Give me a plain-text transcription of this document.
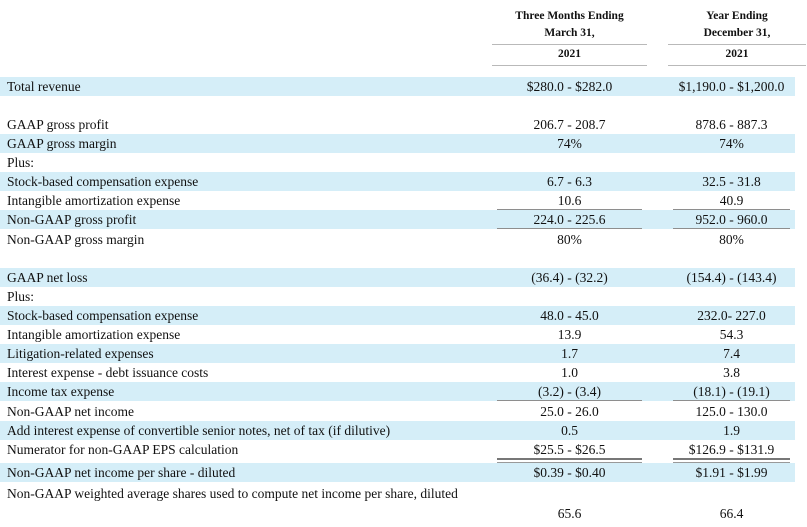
Three Months Ending
March 31,
2021
Year Ending
December 31,
2021
Total revenue	$280.0 - $282.0	$1,190.0 - $1,200.0
GAAP gross profit	206.7 - 208.7	878.6 - 887.3
GAAP gross margin	74%	74%
Plus:
Stock-based compensation expense	6.7 - 6.3	32.5 - 31.8
Intangible amortization expense	10.6	40.9
Non-GAAP gross profit	224.0 - 225.6	952.0 - 960.0
Non-GAAP gross margin	80%	80%
GAAP net loss	(36.4) - (32.2)	(154.4) - (143.4)
Plus:
Stock-based compensation expense	48.0 - 45.0	232.0- 227.0
Intangible amortization expense	13.9	54.3
Litigation-related expenses	1.7	7.4
Interest expense - debt issuance costs	1.0	3.8
Income tax expense	(3.2) - (3.4)	(18.1) - (19.1)
Non-GAAP net income	25.0 - 26.0	125.0 - 130.0
Add interest expense of convertible senior notes, net of tax (if dilutive)	0.5	1.9
Numerator for non-GAAP EPS calculation	$25.5 - $26.5	$126.9 - $131.9
Non-GAAP net income per share - diluted	$0.39 - $0.40	$1.91 - $1.99
Non-GAAP weighted average shares used to compute net income per share, diluted
65.6	66.4
